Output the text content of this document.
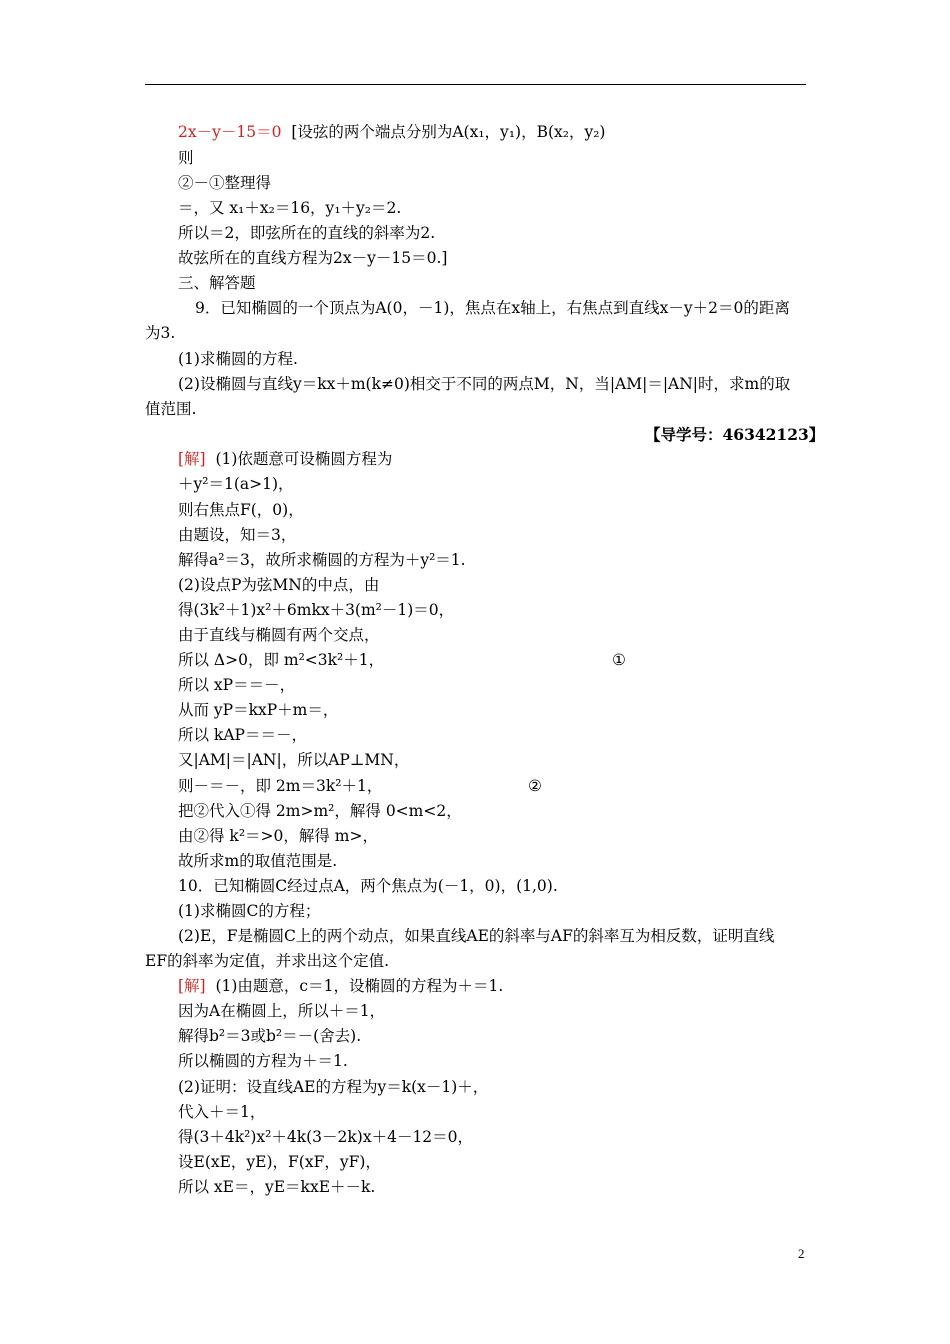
2x－y－15＝0  [设弦的两个端点分别为A(x₁，y₁)，B(x₂，y₂)
则
②－①整理得
＝，又 x₁＋x₂＝16，y₁＋y₂＝2.
所以＝2，即弦所在的直线的斜率为2.
故弦所在的直线方程为2x－y－15＝0.]
三、解答题
9．已知椭圆的一个顶点为A(0，－1)，焦点在x轴上，右焦点到直线x－y＋2＝0的距离
为3.
(1)求椭圆的方程.
(2)设椭圆与直线y＝kx＋m(k≠0)相交于不同的两点M，N，当|AM|＝|AN|时，求m的取
值范围.
[解]  (1)依题意可设椭圆方程为
＋y²＝1(a>1)，
则右焦点F(，0)，
由题设，知＝3，
解得a²＝3，故所求椭圆的方程为＋y²＝1.
(2)设点P为弦MN的中点，由
得(3k²＋1)x²＋6mkx＋3(m²－1)＝0，
由于直线与椭圆有两个交点，
所以 Δ>0，即 m²<3k²＋1，
所以 xP＝＝－，
从而 yP＝kxP＋m＝，
所以 kAP＝＝－，
又|AM|＝|AN|，所以AP⊥MN，
则－＝－，即 2m＝3k²＋1，
把②代入①得 2m>m²，解得 0<m<2，
由②得 k²＝>0，解得 m>，
故所求m的取值范围是.
10．已知椭圆C经过点A，两个焦点为(－1，0)，(1,0).
(1)求椭圆C的方程；
(2)E，F是椭圆C上的两个动点，如果直线AE的斜率与AF的斜率互为相反数，证明直线
EF的斜率为定值，并求出这个定值.
[解]  (1)由题意，c＝1，设椭圆的方程为＋＝1.
因为A在椭圆上，所以＋＝1，
解得b²＝3或b²＝－(舍去).
所以椭圆的方程为＋＝1.
(2)证明：设直线AE的方程为y＝k(x－1)＋，
代入＋＝1，
得(3＋4k²)x²＋4k(3－2k)x＋4－12＝0，
设E(xE，yE)，F(xF，yF)，
所以 xE＝，yE＝kxE＋－k.
【导学号：46342123】
①
②
2
